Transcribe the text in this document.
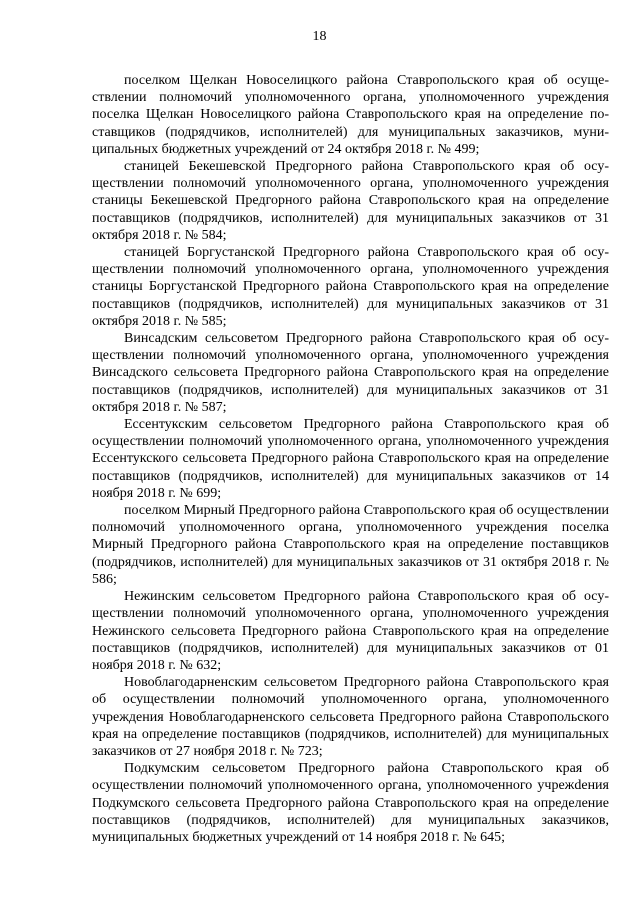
18

поселком Щелкан Новоселицкого района Ставропольского края об осуществлении полномочий уполномоченного органа, уполномоченного учреждения поселка Щелкан Новоселицкого района Ставропольского края на определение поставщиков (подрядчиков, исполнителей) для муниципальных заказчиков, муниципальных бюджетных учреждений от 24 октября 2018 г. № 499;

станицей Бекешевской Предгорного района Ставропольского края об осуществлении полномочий уполномоченного органа, уполномоченного учреждения станицы Бекешевской Предгорного района Ставропольского края на определение поставщиков (подрядчиков, исполнителей) для муниципальных заказчиков от 31 октября 2018 г. № 584;

станицей Боргустанской Предгорного района Ставропольского края об осуществлении полномочий уполномоченного органа, уполномоченного учреждения станицы Боргустанской Предгорного района Ставропольского края на определение поставщиков (подрядчиков, исполнителей) для муниципальных заказчиков от 31 октября 2018 г. № 585;

Винсадским сельсоветом Предгорного района Ставропольского края об осуществлении полномочий уполномоченного органа, уполномоченного учреждения Винсадского сельсовета Предгорного района Ставропольского края на определение поставщиков (подрядчиков, исполнителей) для муниципальных заказчиков от 31 октября 2018 г. № 587;

Ессентукским сельсоветом Предгорного района Ставропольского края об осуществлении полномочий уполномоченного органа, уполномоченного учреждения Ессентукского сельсовета Предгорного района Ставропольского края на определение поставщиков (подрядчиков, исполнителей) для муниципальных заказчиков от 14 ноября 2018 г. № 699;

поселком Мирный Предгорного района Ставропольского края об осуществлении полномочий уполномоченного органа, уполномоченного учреждения поселка Мирный Предгорного района Ставропольского края на определение поставщиков (подрядчиков, исполнителей) для муниципальных заказчиков от 31 октября 2018 г. № 586;

Нежинским сельсоветом Предгорного района Ставропольского края об осуществлении полномочий уполномоченного органа, уполномоченного учреждения Нежинского сельсовета Предгорного района Ставропольского края на определение поставщиков (подрядчиков, исполнителей) для муниципальных заказчиков от 01 ноября 2018 г. № 632;

Новоблагодарненским сельсоветом Предгорного района Ставропольского края об осуществлении полномочий уполномоченного органа, уполномоченного учреждения Новоблагодарненского сельсовета Предгорного района Ставропольского края на определение поставщиков (подрядчиков, исполнителей) для муниципальных заказчиков от 27 ноября 2018 г. № 723;

Подкумским сельсоветом Предгорного района Ставропольского края об осуществлении полномочий уполномоченного органа, уполномоченного учрежdения Подкумского сельсовета Предгорного района Ставропольского края на определение поставщиков (подрядчиков, исполнителей) для муниципальных заказчиков, муниципальных бюджетных учреждений от 14 ноября 2018 г. № 645;
